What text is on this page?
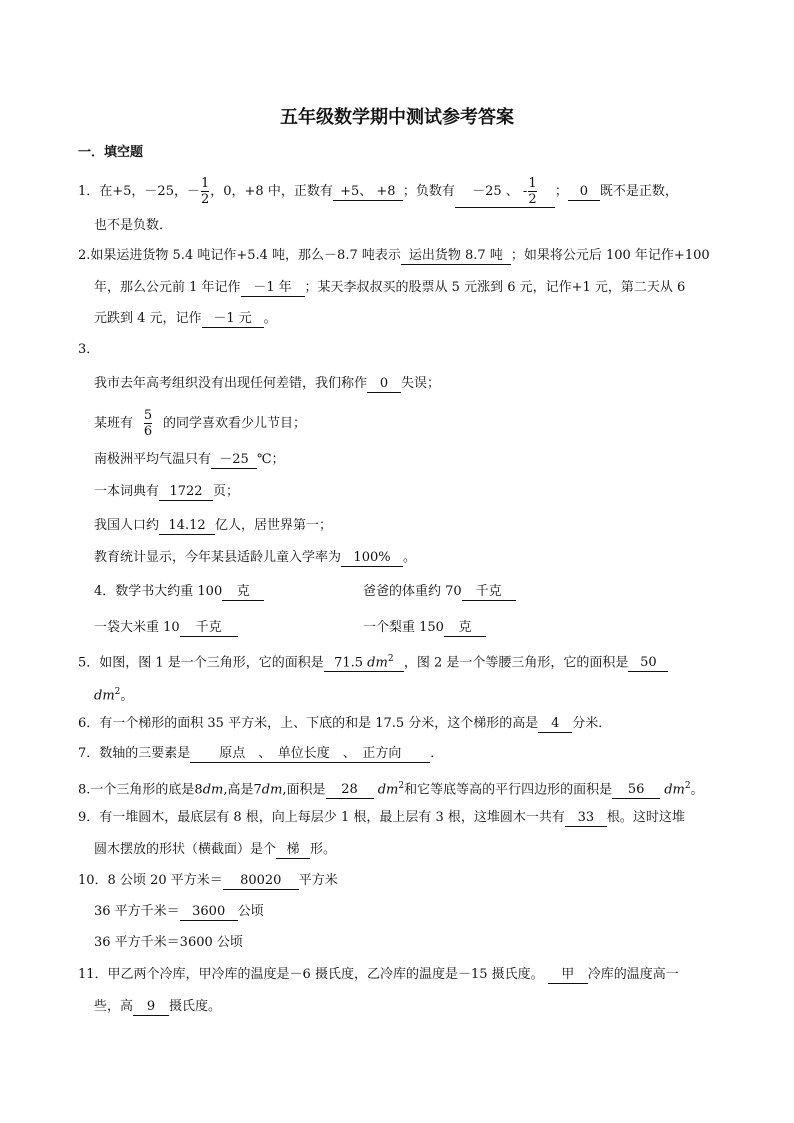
五年级数学期中测试参考答案
一．填空题
1．在+5，－25，－ $\frac{1}{2}$ ，0，+8 中，正数有 +5、 +8 ；负数有 －25 、 - $\frac{1}{2}$ ； 0 既不是正数，
也不是负数．
2.如果运进货物 5.4 吨记作+5.4 吨，那么－8.7 吨表示 运出货物 8.7 吨 ；如果将公元后 100 年记作+100
年，那么公元前 1 年记作 －1 年 ；某天李叔叔买的股票从 5 元涨到 6 元，记作+1 元，第二天从 6
元跌到 4 元，记作 －1 元 。
3．
我市去年高考组织没有出现任何差错，我们称作 0 失误；
某班有 $\frac{5}{6}$ 的同学喜欢看少儿节目；
南极洲平均气温只有 －25 ℃；
一本词典有 1722 页；
我国人口约 14.12 亿人，居世界第一；
教育统计显示，今年某县适龄儿童入学率为 100% 。
4．数学书大约重 100 克	爸爸的体重约 70 千克
一袋大米重 10 千克	一个梨重 150 克
5．如图，图 1 是一个三角形，它的面积是 71.5 $dm^2$ ，图 2 是一个等腰三角形，它的面积是 50
$dm^2$。
6．有一个梯形的面积 35 平方米，上、下底的和是 17.5 分米，这个梯形的高是 4 分米．
7．数轴的三要素是 原点　 、　 单位长度　 、　 正方向 ．
8.一个三角形的底是8dm,高是7dm,面积是 28 $dm^2$和它等底等高的平行四边形的面积是 56 $dm^2$。
9．有一堆圆木，最底层有 8 根，向上每层少 1 根，最上层有 3 根，这堆圆木一共有 33 根。这时这堆
圆木摆放的形状（横截面）是个 梯 形。
10．8 公顷 20 平方米＝ 80020 平方米
36 平方千米＝ 3600 公顷
36 平方千米＝3600 公顷
11．甲乙两个冷库，甲冷库的温度是－6 摄氏度，乙冷库的温度是－15 摄氏度。 甲 冷库的温度高一
些，高 9 摄氏度。
